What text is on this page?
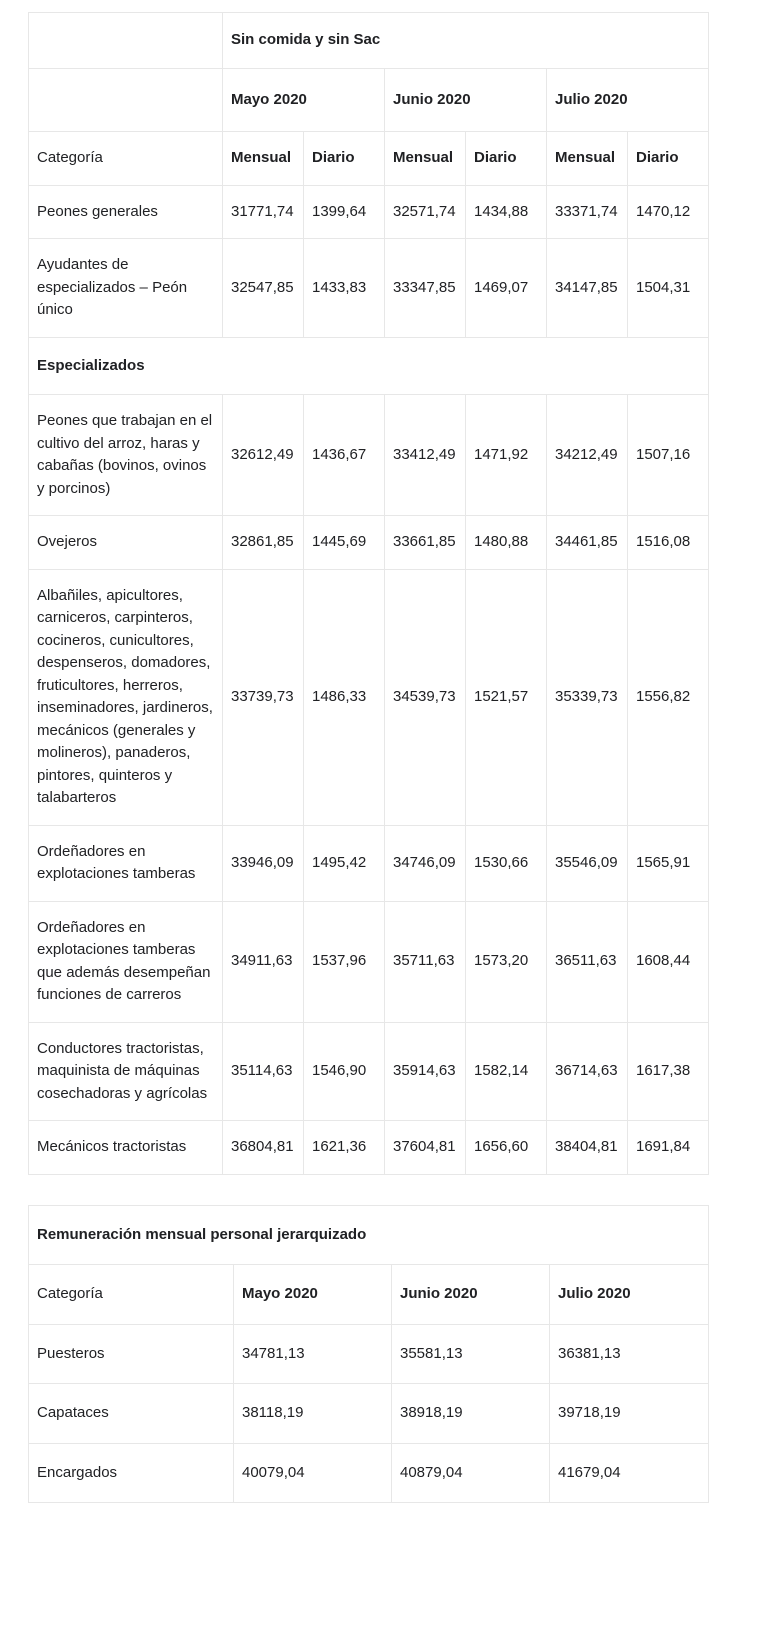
	Sin comida y sin Sac					
	Mayo 2020		Junio 2020		Julio 2020	
Categoría	Mensual	Diario	Mensual	Diario	Mensual	Diario
Peones generales	31771,74	1399,64	32571,74	1434,88	33371,74	1470,12
Ayudantes de especializados – Peón único	32547,85	1433,83	33347,85	1469,07	34147,85	1504,31
Especializados						
Peones que trabajan en el cultivo del arroz, haras y cabañas (bovinos, ovinos y porcinos)	32612,49	1436,67	33412,49	1471,92	34212,49	1507,16
Ovejeros	32861,85	1445,69	33661,85	1480,88	34461,85	1516,08
Albañiles, apicultores, carniceros, carpinteros, cocineros, cunicultores, despenseros, domadores, fruticultores, herreros, inseminadores, jardineros, mecánicos (generales y molineros), panaderos, pintores, quinteros y talabarteros	33739,73	1486,33	34539,73	1521,57	35339,73	1556,82
Ordeñadores en explotaciones tamberas	33946,09	1495,42	34746,09	1530,66	35546,09	1565,91
Ordeñadores en explotaciones tamberas que además desempeñan funciones de carreros	34911,63	1537,96	35711,63	1573,20	36511,63	1608,44
Conductores tractoristas, maquinista de máquinas cosechadoras y agrícolas	35114,63	1546,90	35914,63	1582,14	36714,63	1617,38
Mecánicos tractoristas	36804,81	1621,36	37604,81	1656,60	38404,81	1691,84
Remuneración mensual personal jerarquizado			
Categoría	Mayo 2020	Junio 2020	Julio 2020
Puesteros	34781,13	35581,13	36381,13
Capataces	38118,19	38918,19	39718,19
Encargados	40079,04	40879,04	41679,04
